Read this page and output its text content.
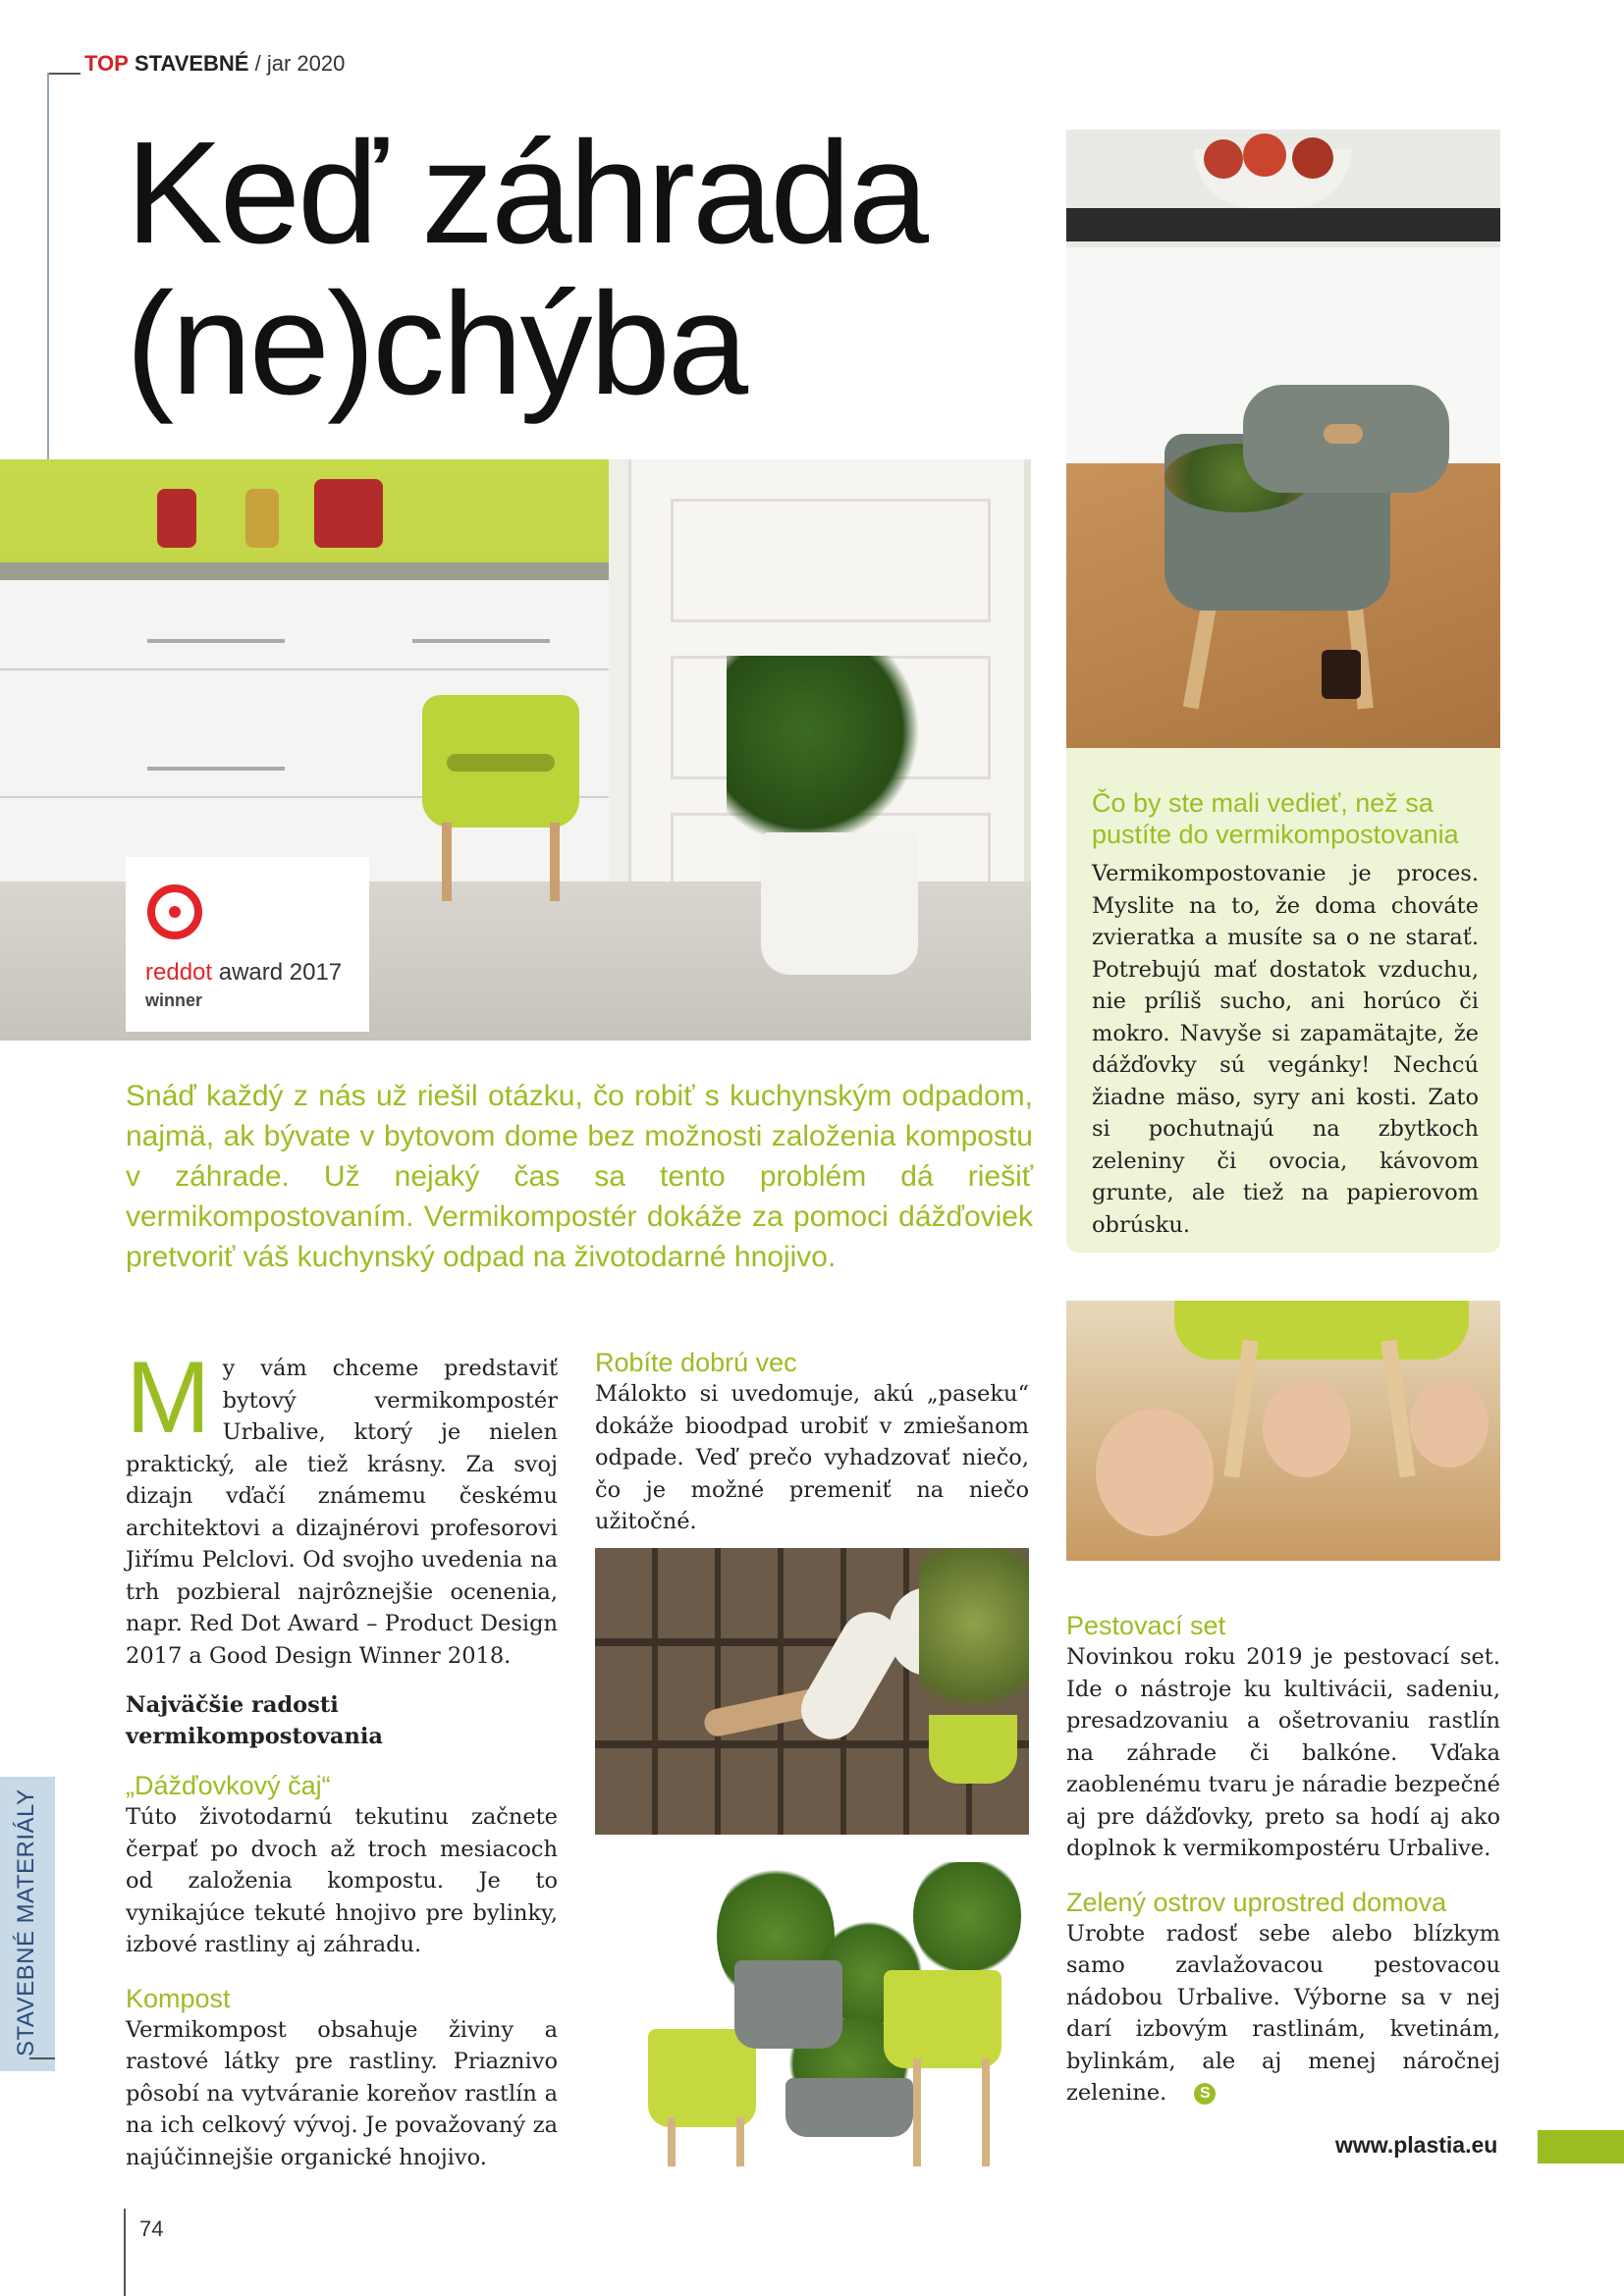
TOP STAVEBNÉ / jar 2020
Keď záhrada
(ne)chýba
reddot award 2017
winner
Čo by ste mali vedieť, než sa pustíte do vermikompostovania

Vermikompostovanie je proces. Myslite na to, že doma chováte zvieratka a musíte sa o ne starať. Potrebujú mať dostatok vzduchu, nie príliš sucho, ani horúco či mokro. Navyše si zapamätajte, že dážďovky sú vegánky! Nechcú žiadne mäso, syry ani kosti. Zato si pochutnajú na zbytkoch zeleniny či ovocia, kávovom grunte, ale tiež na papierovom obrúsku.

Snáď každý z nás už riešil otázku, čo robiť s kuchynským odpadom, najmä, ak bývate v bytovom dome bez možnosti založenia kompostu v záhrade. Už nejaký čas sa tento problém dá riešiť vermikompostovaním. Vermikompostér dokáže za pomoci dážďoviek pretvoriť váš kuchynský odpad na životodarné hnojivo.

My vám chceme predstaviť bytový vermikompostér Urbalive, ktorý je nielen praktický, ale tiež krásny. Za svoj dizajn vďačí známemu českému architektovi a dizajnérovi profesorovi Jiřímu Pelclovi. Od svojho uvedenia na trh pozbieral najrôznejšie ocenenia, napr. Red Dot Award – Product Design 2017 a Good Design Winner 2018.

Najväčšie radosti vermikompostovania

„Dážďovkový čaj“

Túto životodarnú tekutinu začnete čerpať po dvoch až troch mesiacoch od založenia kompostu. Je to vynikajúce tekuté hnojivo pre bylinky, izbové rastliny aj záhradu.

Kompost

Vermikompost obsahuje živiny a rastové látky pre rastliny. Priaznivo pôsobí na vytváranie koreňov rastlín a na ich celkový vývoj. Je považovaný za najúčinnejšie organické hnojivo.

Robíte dobrú vec

Málokto si uvedomuje, akú „paseku“ dokáže bioodpad urobiť v zmiešanom odpade. Veď prečo vyhadzovať niečo, čo je možné premeniť na niečo užitočné.

Pestovací set

Novinkou roku 2019 je pestovací set. Ide o nástroje ku kultivácii, sadeniu, presadzovaniu a ošetrovaniu rastlín na záhrade či balkóne. Vďaka zaoblenému tvaru je náradie bezpečné aj pre dážďovky, preto sa hodí aj ako doplnok k vermikompostéru Urbalive.

Zelený ostrov uprostred domova

Urobte radosť sebe alebo blízkym samo zavlažovacou pestovacou nádobou Urbalive. Výborne sa v nej darí izbovým rastlinám, kvetinám, bylinkám, ale aj menej náročnej zelenine. S

STAVEBNÉ MATERIÁLY
www.plastia.eu
74
